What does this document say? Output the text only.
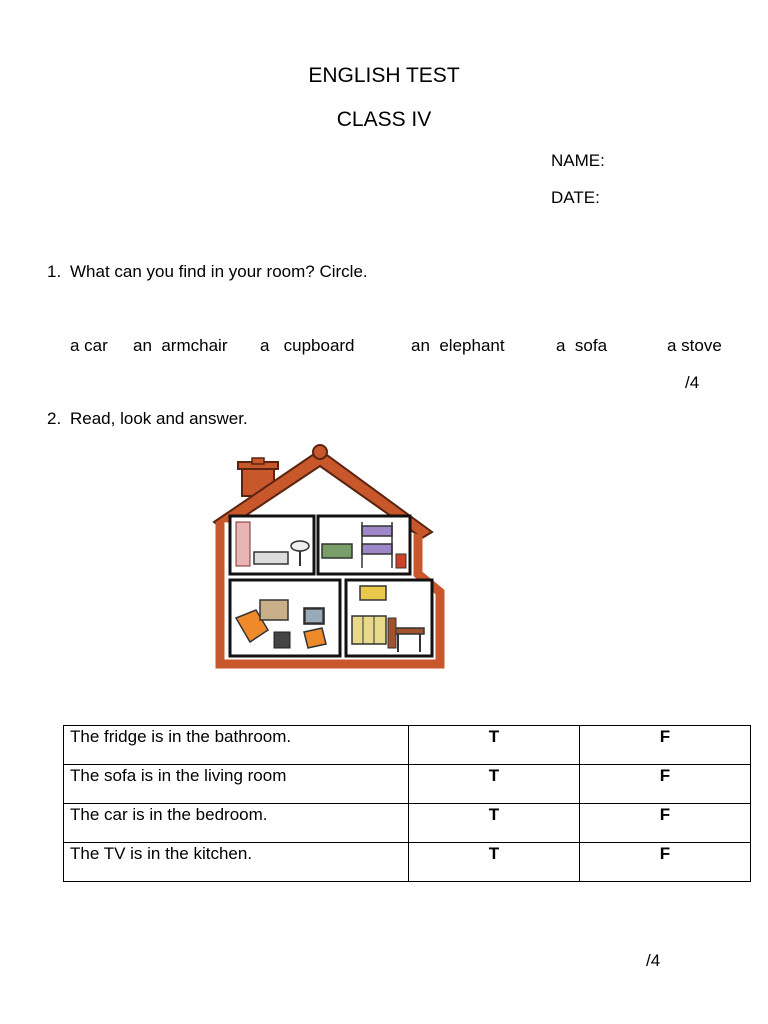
ENGLISH TEST
CLASS IV
NAME:
DATE:
1. What can you find in your room? Circle.
a car an  armchair a   cupboard	an  elephant	a  sofa	a stove
/4
2. Read, look and answer.
The fridge is in the bathroom.	T	F
The sofa is in the living room	T	F
The car is in the bedroom.	T	F
The TV is in the kitchen.	T	F
/4
